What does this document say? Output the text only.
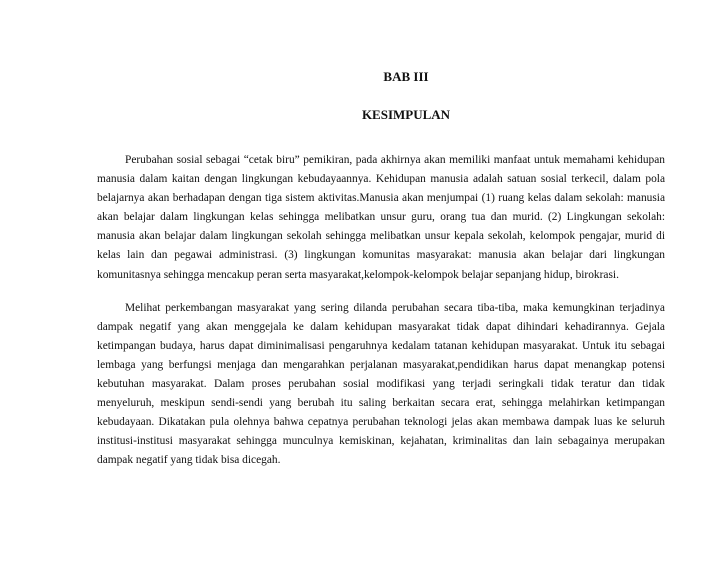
BAB III
KESIMPULAN

Perubahan sosial sebagai “cetak biru” pemikiran, pada akhirnya akan memiliki manfaat untuk memahami kehidupan manusia dalam kaitan dengan lingkungan kebudayaannya. Kehidupan manusia adalah satuan sosial terkecil, dalam pola belajarnya akan berhadapan dengan tiga sistem aktivitas.Manusia akan menjumpai (1) ruang kelas dalam sekolah: manusia akan belajar dalam lingkungan kelas sehingga melibatkan unsur guru, orang tua dan murid. (2) Lingkungan sekolah: manusia akan belajar dalam lingkungan sekolah sehingga melibatkan unsur kepala sekolah, kelompok pengajar, murid di kelas lain dan pegawai administrasi. (3) lingkungan komunitas masyarakat: manusia akan belajar dari lingkungan komunitasnya sehingga mencakup peran serta masyarakat,kelompok-kelompok belajar sepanjang hidup, birokrasi.

Melihat perkembangan masyarakat yang sering dilanda perubahan secara tiba-tiba, maka kemungkinan terjadinya dampak negatif yang akan menggejala ke dalam kehidupan masyarakat tidak dapat dihindari kehadirannya. Gejala ketimpangan budaya, harus dapat diminimalisasi pengaruhnya kedalam tatanan kehidupan masyarakat. Untuk itu sebagai lembaga yang berfungsi menjaga dan mengarahkan perjalanan masyarakat,pendidikan harus dapat menangkap potensi kebutuhan masyarakat. Dalam proses perubahan sosial modifikasi yang terjadi seringkali tidak teratur dan tidak menyeluruh, meskipun sendi-sendi yang berubah itu saling berkaitan secara erat, sehingga melahirkan ketimpangan kebudayaan. Dikatakan pula olehnya bahwa cepatnya perubahan teknologi jelas akan membawa dampak luas ke seluruh institusi-institusi masyarakat sehingga munculnya kemiskinan, kejahatan, kriminalitas dan lain sebagainya merupakan dampak negatif yang tidak bisa dicegah.
